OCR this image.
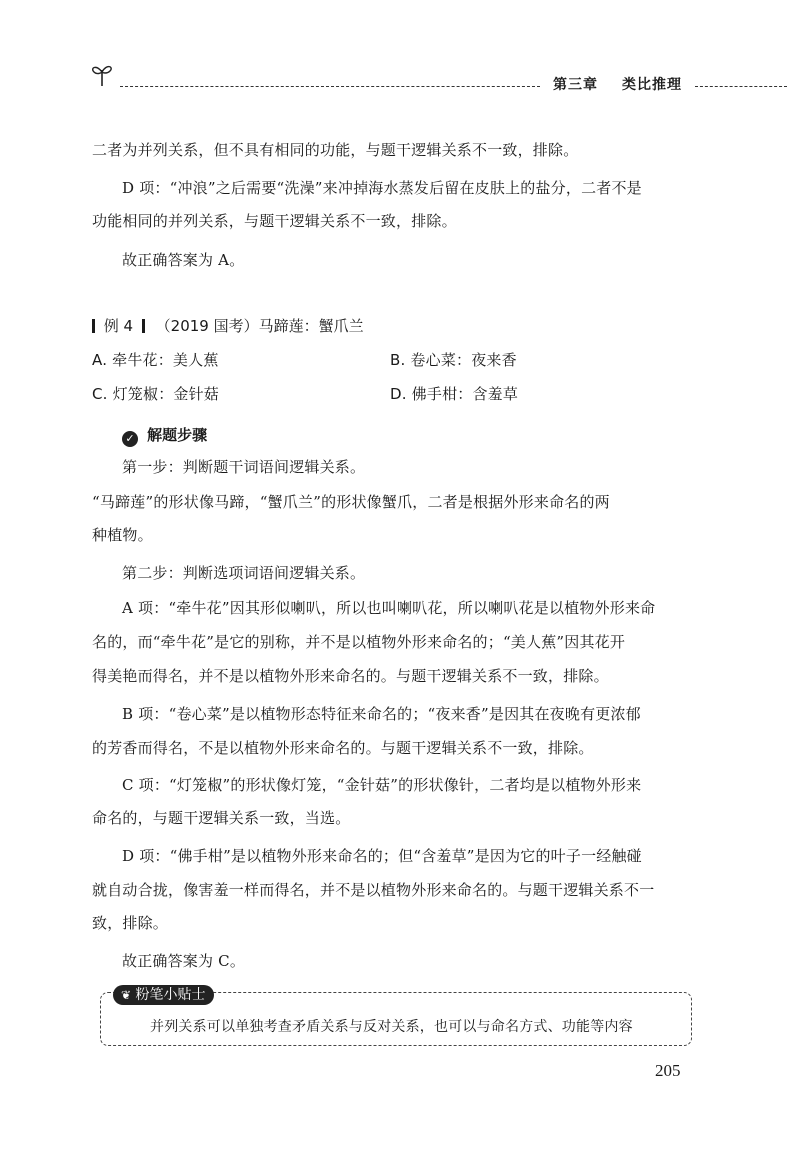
第三章 类比推理
二者为并列关系，但不具有相同的功能，与题干逻辑关系不一致，排除。
D 项：“冲浪”之后需要“洗澡”来冲掉海水蒸发后留在皮肤上的盐分，二者不是
功能相同的并列关系，与题干逻辑关系不一致，排除。
故正确答案为 A。
例 4 （2019 国考）马蹄莲：蟹爪兰
A. 牵牛花：美人蕉	B. 卷心菜：夜来香
C. 灯笼椒：金针菇	D. 佛手柑：含羞草
✓ 解题步骤
第一步：判断题干词语间逻辑关系。
“马蹄莲”的形状像马蹄，“蟹爪兰”的形状像蟹爪，二者是根据外形来命名的两
种植物。
第二步：判断选项词语间逻辑关系。
A 项：“牵牛花”因其形似喇叭，所以也叫喇叭花，所以喇叭花是以植物外形来命
名的，而“牵牛花”是它的别称，并不是以植物外形来命名的；“美人蕉”因其花开
得美艳而得名，并不是以植物外形来命名的。与题干逻辑关系不一致，排除。
B 项：“卷心菜”是以植物形态特征来命名的；“夜来香”是因其在夜晚有更浓郁
的芳香而得名，不是以植物外形来命名的。与题干逻辑关系不一致，排除。
C 项：“灯笼椒”的形状像灯笼，“金针菇”的形状像针，二者均是以植物外形来
命名的，与题干逻辑关系一致，当选。
D 项：“佛手柑”是以植物外形来命名的；但“含羞草”是因为它的叶子一经触碰
就自动合拢，像害羞一样而得名，并不是以植物外形来命名的。与题干逻辑关系不一
致，排除。
故正确答案为 C。
❦ 粉笔小贴士
并列关系可以单独考查矛盾关系与反对关系，也可以与命名方式、功能等内容
205
